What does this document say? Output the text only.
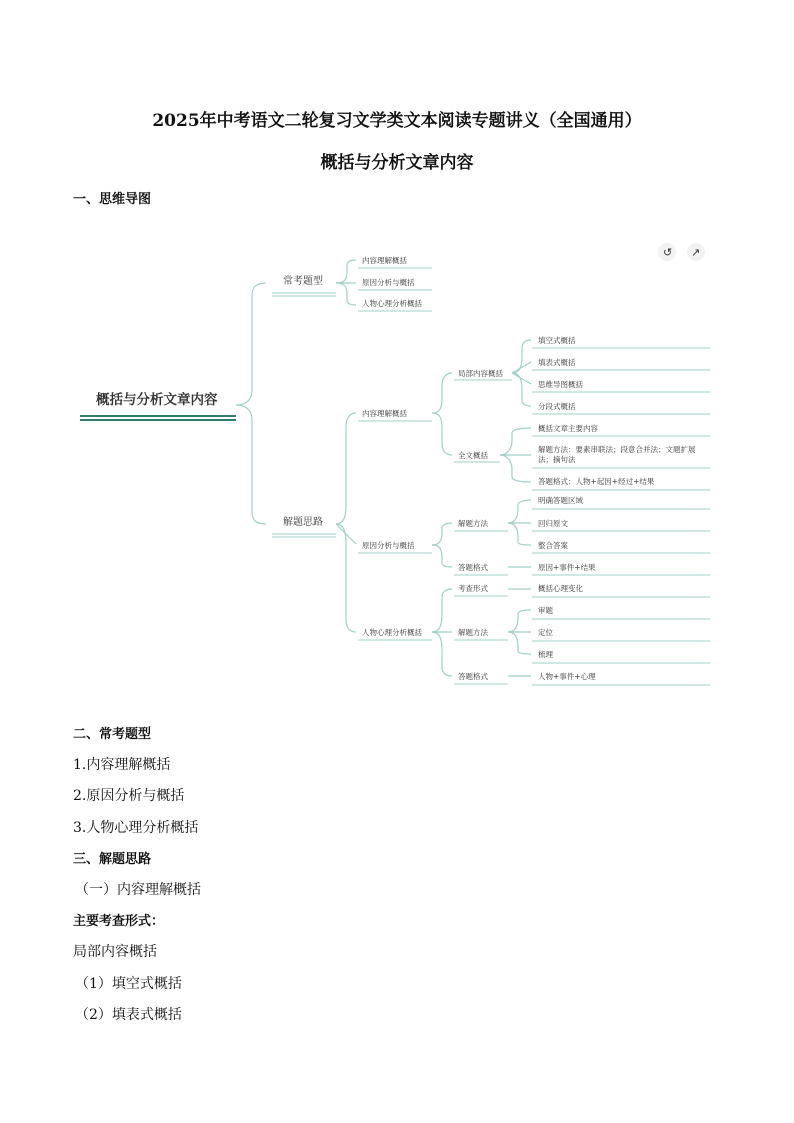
2025年中考语文二轮复习文学类文本阅读专题讲义（全国通用）
概括与分析文章内容
一、思维导图
↺ ↗
概括与分析文章内容
常考题型
解题思路
内容理解概括
原因分析与概括
人物心理分析概括
内容理解概括
原因分析与概括
人物心理分析概括
局部内容概括
全文概括
解题方法
答题格式
考查形式
解题方法
答题格式
填空式概括
填表式概括
思维导图概括
分段式概括
概括文章主要内容
解题方法：要素串联法；段意合并法；文题扩展
法；摘句法
答题格式：人物+起因+经过+结果
明确答题区域
回归原文
整合答案
原因+事件+结果
概括心理变化
审题
定位
梳理
人物+事件+心理
二、常考题型
1.内容理解概括
2.原因分析与概括
3.人物心理分析概括
三、解题思路
（一）内容理解概括
主要考查形式：
局部内容概括
（1）填空式概括
（2）填表式概括
